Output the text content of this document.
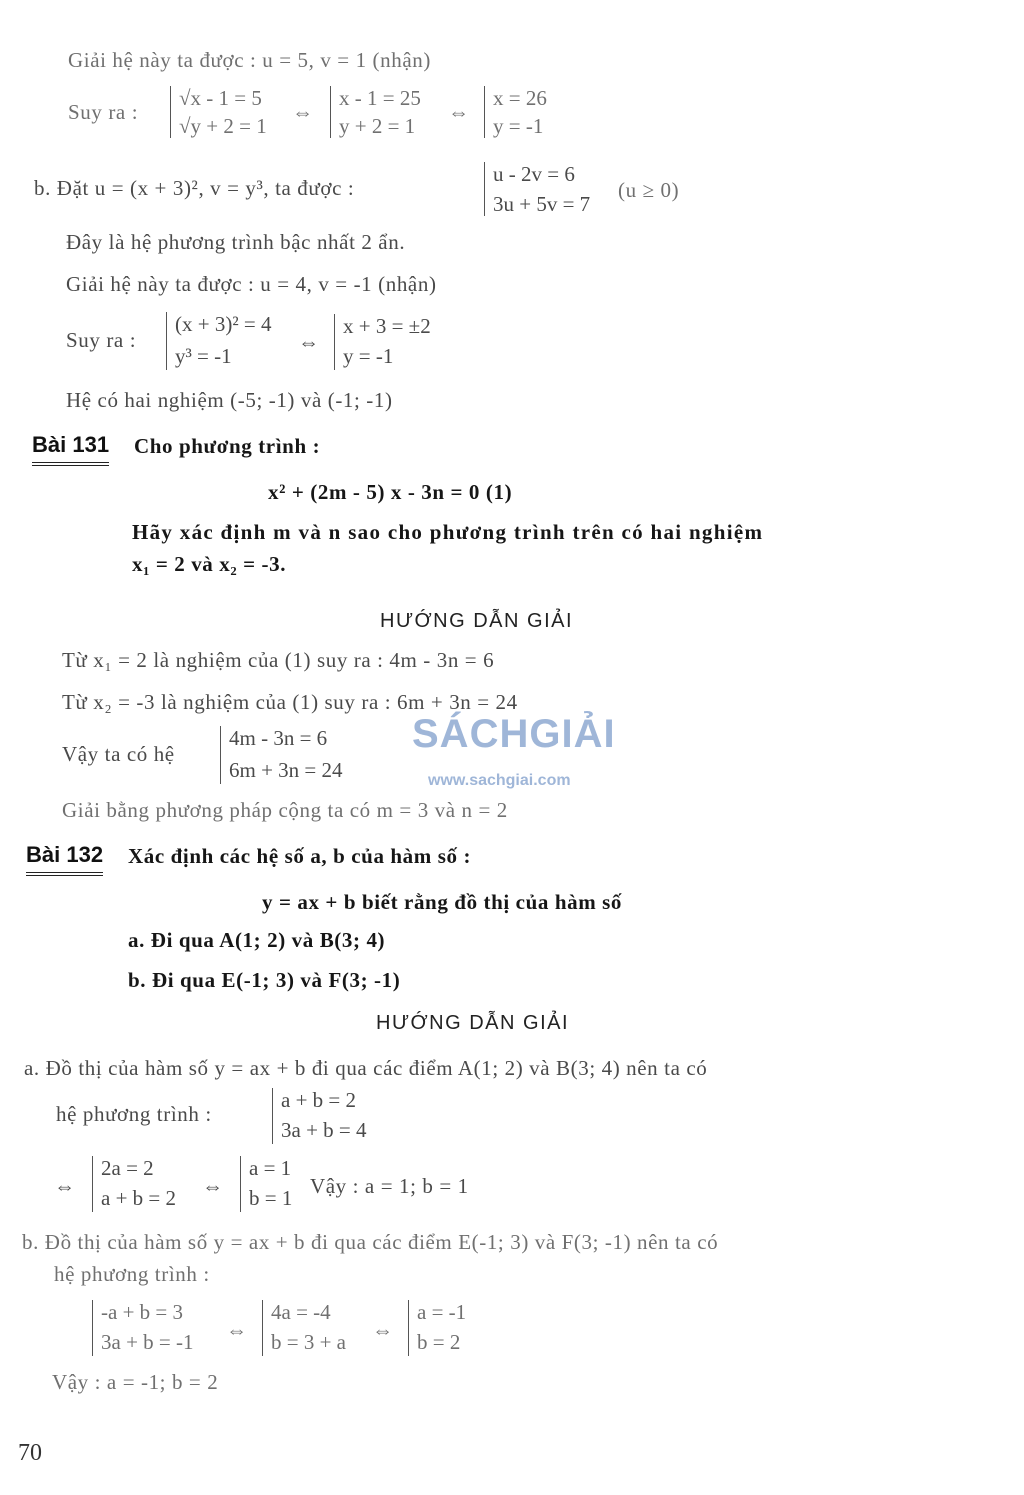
Giải hệ này ta được : u = 5, v = 1 (nhận)
Suy ra :
√x - 1 = 5
√y + 2 = 1
⇔
x - 1 = 25
y + 2 = 1
⇔
x = 26
y = -1
b. Đặt u = (x + 3)², v = y³, ta được :
u - 2v = 6
3u + 5v = 7
(u ≥ 0)
Đây là hệ phương trình bậc nhất 2 ẩn.
Giải hệ này ta được : u = 4, v = -1 (nhận)
Suy ra :
(x + 3)² = 4
y³ = -1
⇔
x + 3 = ±2
y = -1
Hệ có hai nghiệm (-5; -1) và (-1; -1)
Bài 131 Cho phương trình :
x² + (2m - 5) x - 3n = 0 (1)
Hãy xác định m và n sao cho phương trình trên có hai nghiệm
x₁ = 2 và x₂ = -3.
HƯỚNG DẪN GIẢI
Từ x₁ = 2 là nghiệm của (1) suy ra : 4m - 3n = 6
Từ x₂ = -3 là nghiệm của (1) suy ra : 6m + 3n = 24
Vậy ta có hệ
4m - 3n = 6
6m + 3n = 24
Giải bằng phương pháp cộng ta có m = 3 và n = 2
SÁCHGIẢI
www.sachgiai.com
Bài 132 Xác định các hệ số a, b của hàm số :
y = ax + b biết rằng đồ thị của hàm số
a. Đi qua A(1; 2) và B(3; 4)
b. Đi qua E(-1; 3) và F(3; -1)
HƯỚNG DẪN GIẢI
a. Đồ thị của hàm số y = ax + b đi qua các điểm A(1; 2) và B(3; 4) nên ta có
hệ phương trình :
a + b = 2
3a + b = 4
⇔
2a = 2
a + b = 2 ⇔
a = 1
b = 1 Vậy : a = 1; b = 1
b. Đồ thị của hàm số y = ax + b đi qua các điểm E(-1; 3) và F(3; -1) nên ta có
hệ phương trình :
-a + b = 3
3a + b = -1 ⇔
4a = -4
b = 3 + a ⇔
a = -1
b = 2
Vậy : a = -1; b = 2
70
